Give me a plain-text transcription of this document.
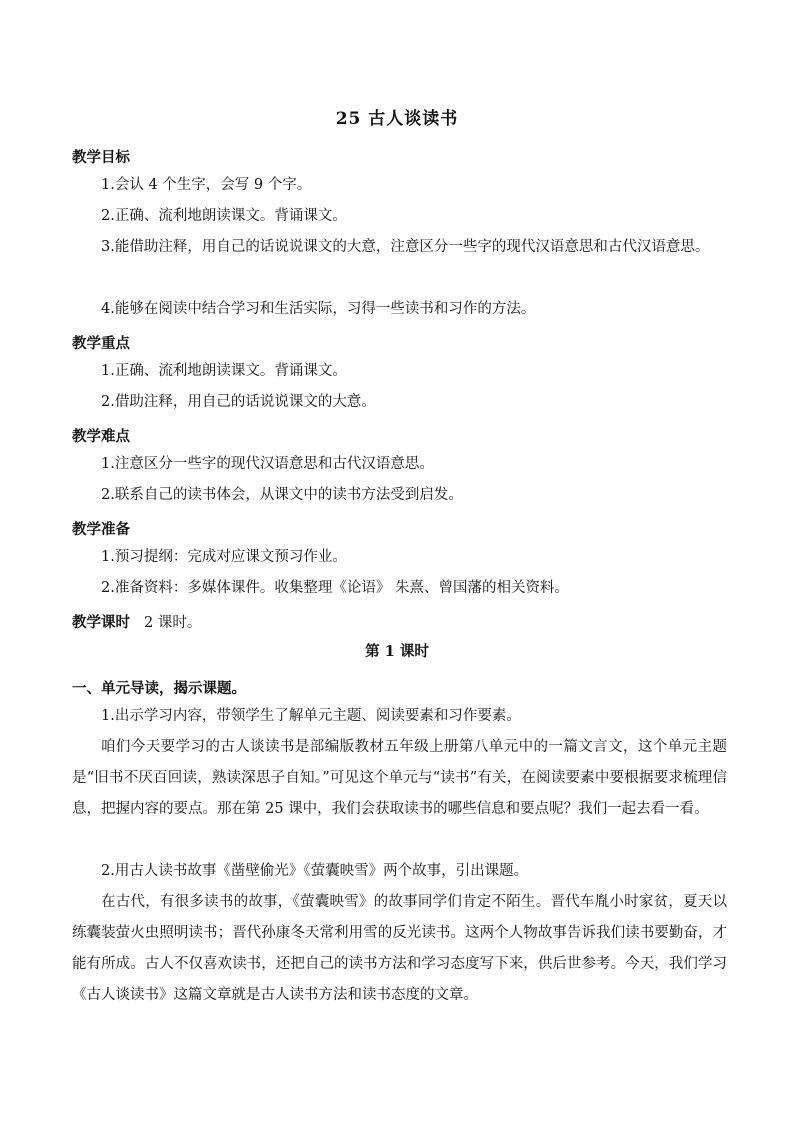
25 古人谈读书
教学目标
1.会认 4 个生字，会写 9 个字。
2.正确、流利地朗读课文。背诵课文。
3.能借助注释，用自己的话说说课文的大意，注意区分一些字的现代汉语意思和古代汉语意思。
4.能够在阅读中结合学习和生活实际，习得一些读书和习作的方法。
教学重点
1.正确、流利地朗读课文。背诵课文。
2.借助注释，用自己的话说说课文的大意。
教学难点
1.注意区分一些字的现代汉语意思和古代汉语意思。
2.联系自己的读书体会，从课文中的读书方法受到启发。
教学准备
1.预习提纲：完成对应课文预习作业。
2.准备资料：多媒体课件。收集整理《论语》 朱熹、曾国藩的相关资料。
教学课时 2 课时。
第 1 课时
一、单元导读，揭示课题。
1.出示学习内容，带领学生了解单元主题、阅读要素和习作要素。
咱们今天要学习的古人谈读书是部编版教材五年级上册第八单元中的一篇文言文，这个单元主题是“旧书不厌百回读，熟读深思子自知。”可见这个单元与“读书”有关，在阅读要素中要根据要求梳理信息，把握内容的要点。那在第 25 课中，我们会获取读书的哪些信息和要点呢？我们一起去看一看。
2.用古人读书故事《凿壁偷光》《萤囊映雪》两个故事，引出课题。
在古代，有很多读书的故事，《萤囊映雪》的故事同学们肯定不陌生。晋代车胤小时家贫，夏天以练囊装萤火虫照明读书；晋代孙康冬天常利用雪的反光读书。这两个人物故事告诉我们读书要勤奋，才能有所成。古人不仅喜欢读书，还把自己的读书方法和学习态度写下来，供后世参考。今天，我们学习《古人谈读书》这篇文章就是古人读书方法和读书态度的文章。
